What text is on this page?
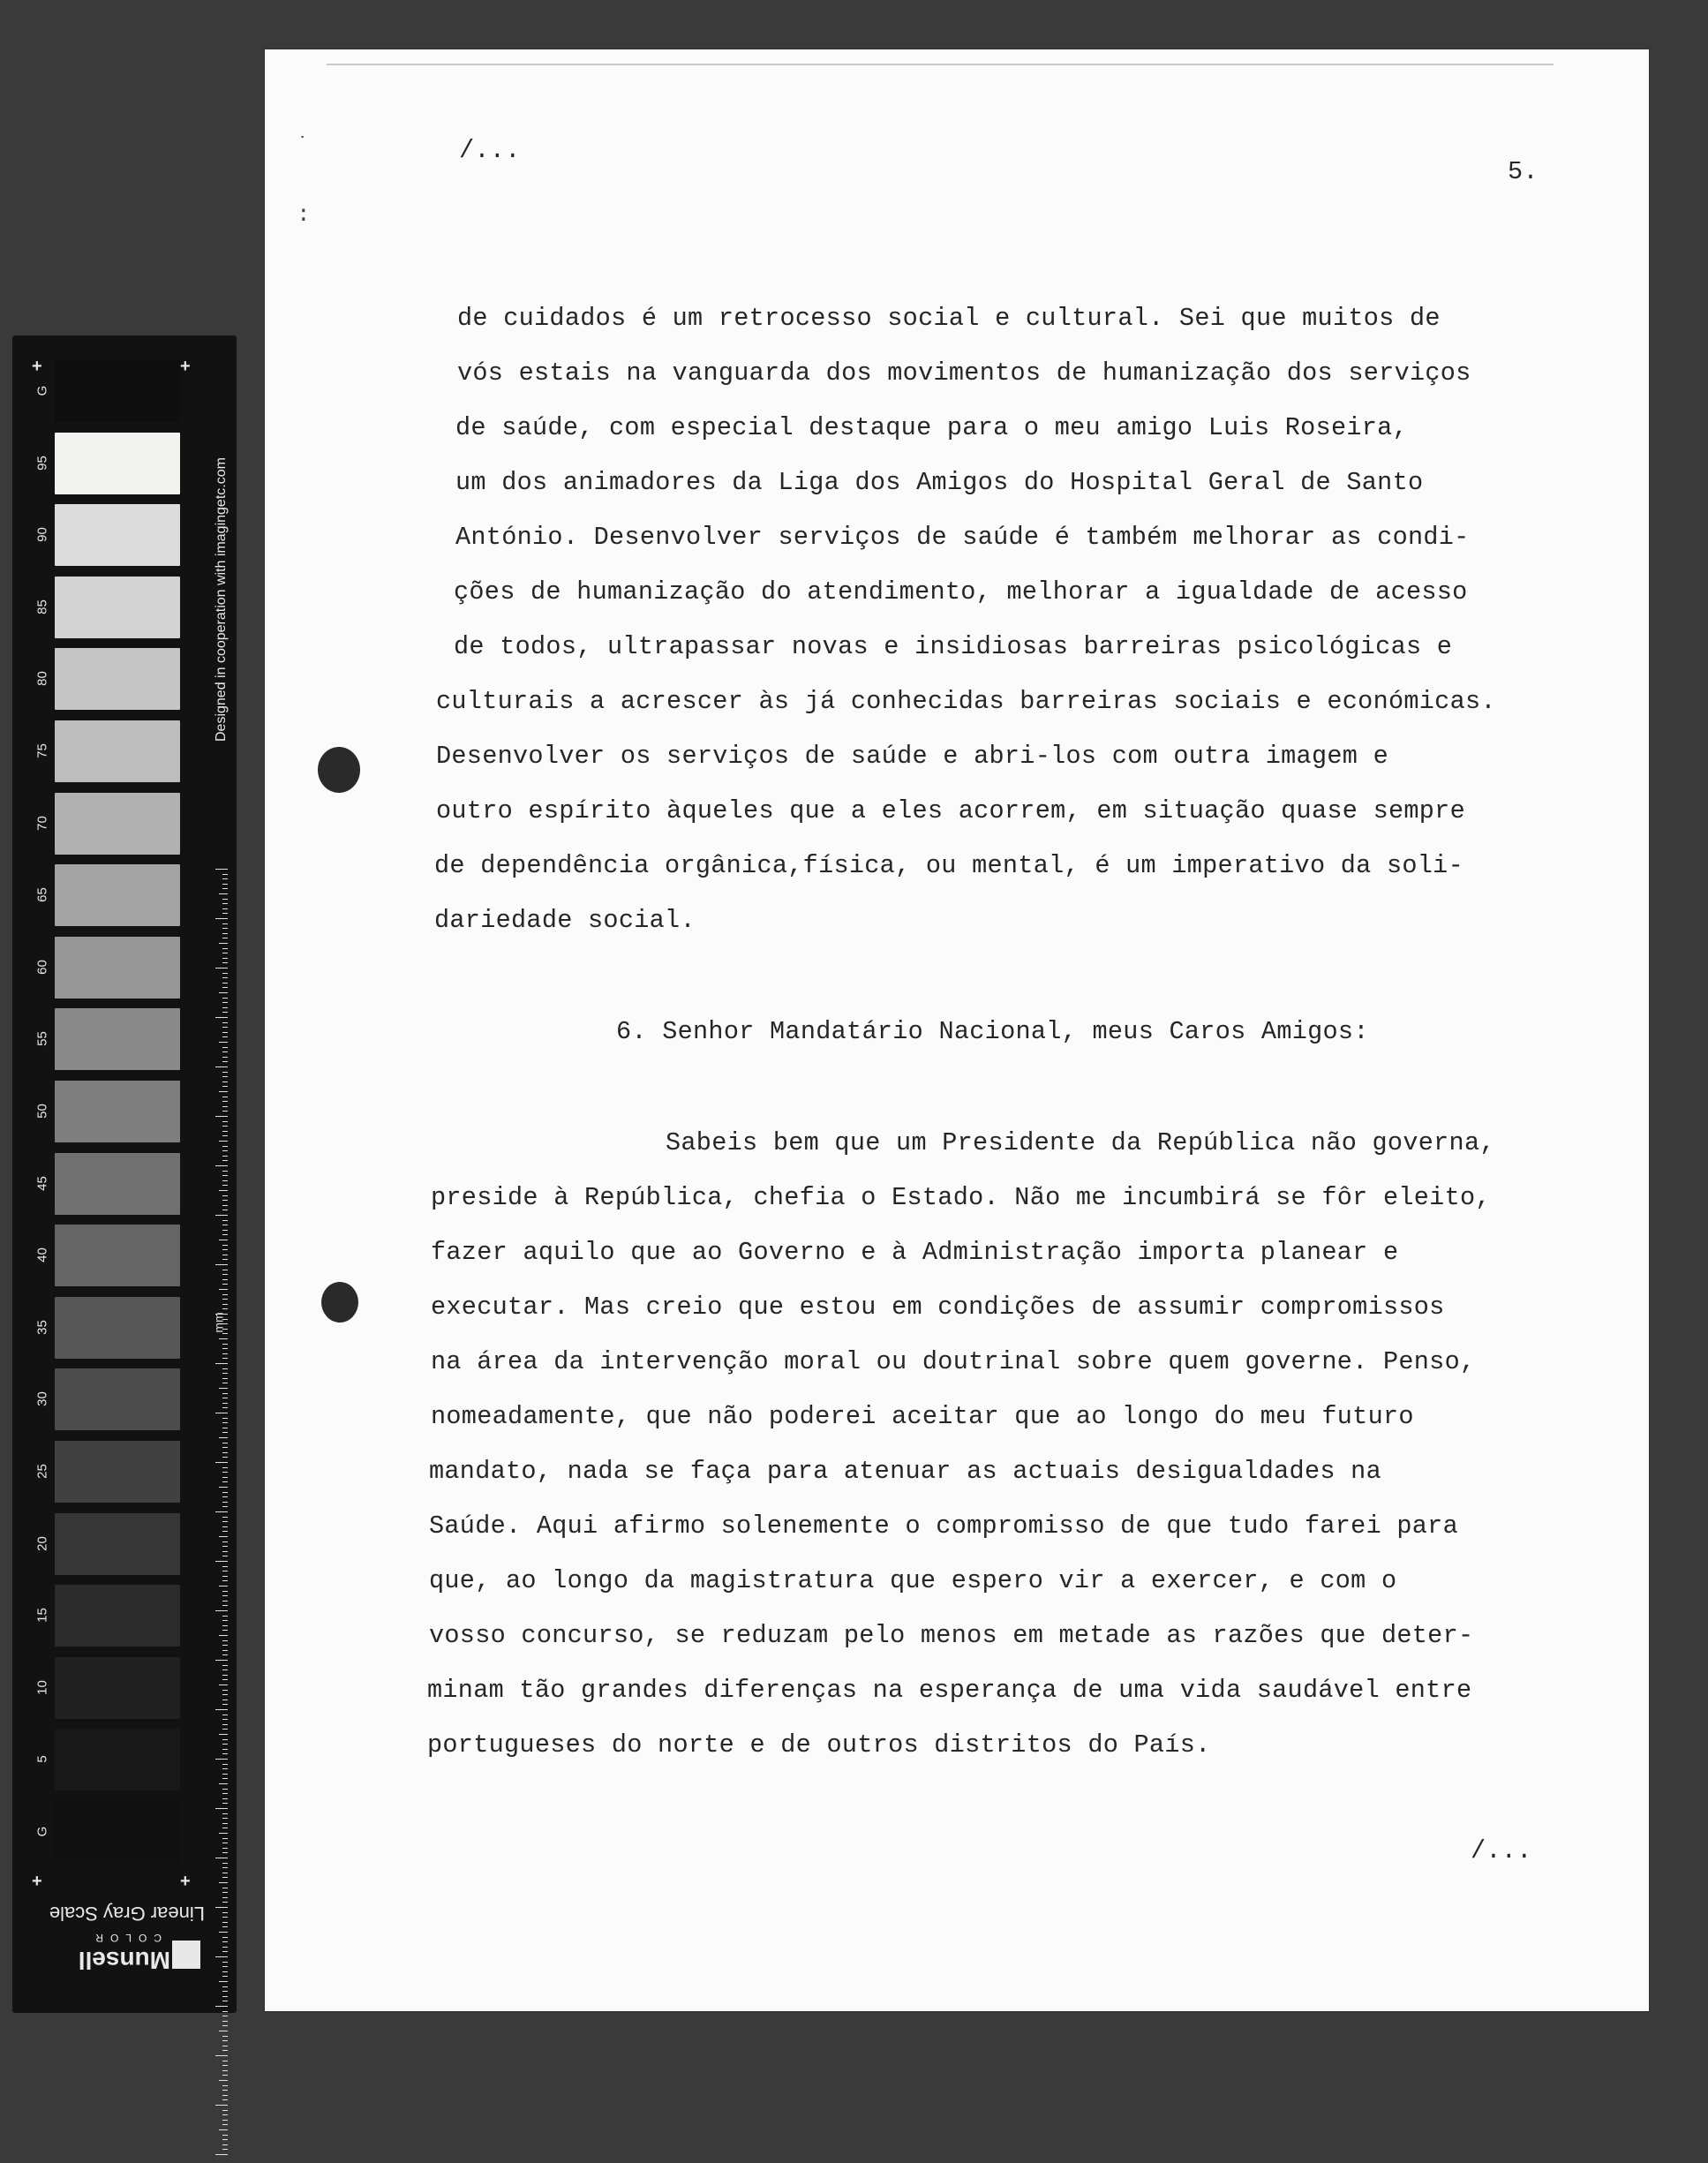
G
95
90
85
80
75
70
65
60
55
50
45
40
35
30
25
20
15
10
5
G
+	+
+	+
Designed in cooperation with imagingetc.com
mm
Linear Gray Scale
Munsell
COLOR
˙
:
/...
5.
de cuidados é um retrocesso social e cultural. Sei que muitos de
vós estais na vanguarda dos movimentos de humanização dos serviços
de saúde, com especial destaque para o meu amigo Luis Roseira,
um dos animadores da Liga dos Amigos do Hospital Geral de Santo
António. Desenvolver serviços de saúde é também melhorar as condi-
ções de humanização do atendimento, melhorar a igualdade de acesso
de todos, ultrapassar novas e insidiosas barreiras psicológicas e
culturais a acrescer às já conhecidas barreiras sociais e económicas.
Desenvolver os serviços de saúde e abri-los com outra imagem e
outro espírito àqueles que a eles acorrem, em situação quase sempre
de dependência orgânica,física, ou mental, é um imperativo da soli-
dariedade social.
6. Senhor Mandatário Nacional, meus Caros Amigos:
Sabeis bem que um Presidente da República não governa,
preside à República, chefia o Estado. Não me incumbirá se fôr eleito,
fazer aquilo que ao Governo e à Administração importa planear e
executar. Mas creio que estou em condições de assumir compromissos
na área da intervenção moral ou doutrinal sobre quem governe. Penso,
nomeadamente, que não poderei aceitar que ao longo do meu futuro
mandato, nada se faça para atenuar as actuais desigualdades na
Saúde. Aqui afirmo solenemente o compromisso de que tudo farei para
que, ao longo da magistratura que espero vir a exercer, e com o
vosso concurso, se reduzam pelo menos em metade as razões que deter-
minam tão grandes diferenças na esperança de uma vida saudável entre
portugueses do norte e de outros distritos do País.
/...
